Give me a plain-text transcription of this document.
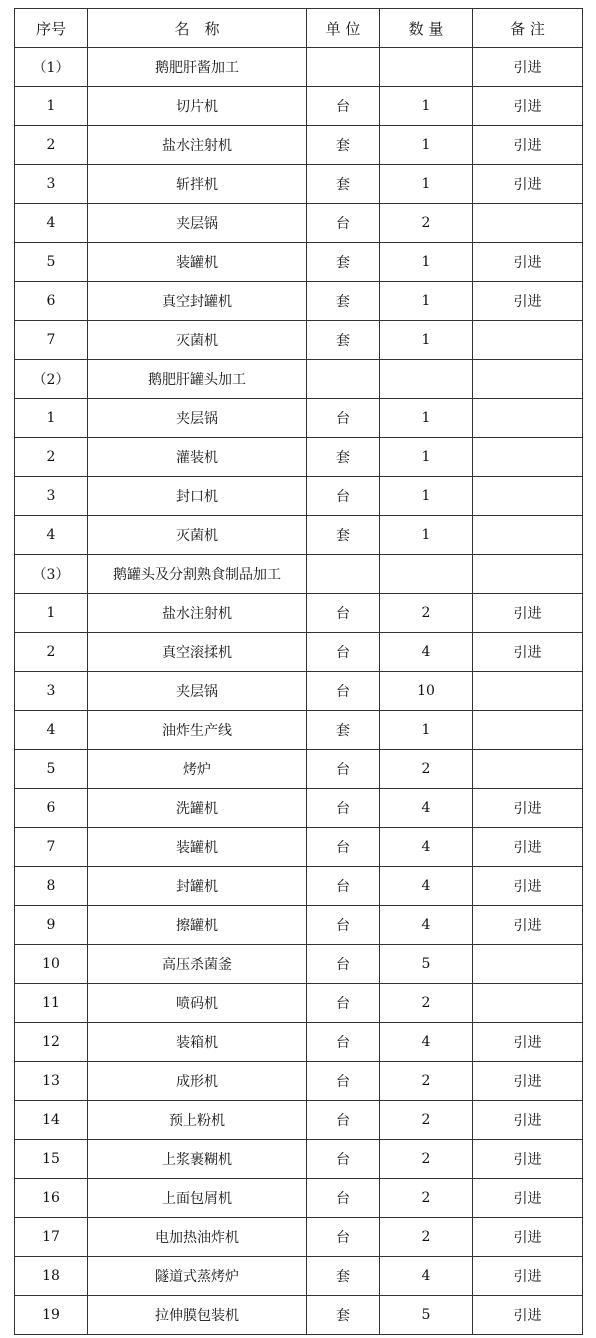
序号	名　称	单 位	数 量	备 注
（1）	鹅肥肝酱加工			引进
1	切片机	台	1	引进
2	盐水注射机	套	1	引进
3	斩拌机	套	1	引进
4	夹层锅	台	2	
5	装罐机	套	1	引进
6	真空封罐机	套	1	引进
7	灭菌机	套	1	
（2）	鹅肥肝罐头加工			
1	夹层锅	台	1	
2	灌装机	套	1	
3	封口机	台	1	
4	灭菌机	套	1	
（3）	鹅罐头及分割熟食制品加工			
1	盐水注射机	台	2	引进
2	真空滚揉机	台	4	引进
3	夹层锅	台	10	
4	油炸生产线	套	1	
5	烤炉	台	2	
6	洗罐机	台	4	引进
7	装罐机	台	4	引进
8	封罐机	台	4	引进
9	擦罐机	台	4	引进
10	高压杀菌釜	台	5	
11	喷码机	台	2	
12	装箱机	台	4	引进
13	成形机	台	2	引进
14	预上粉机	台	2	引进
15	上浆裹糊机	台	2	引进
16	上面包屑机	台	2	引进
17	电加热油炸机	台	2	引进
18	隧道式蒸烤炉	套	4	引进
19	拉伸膜包装机	套	5	引进
